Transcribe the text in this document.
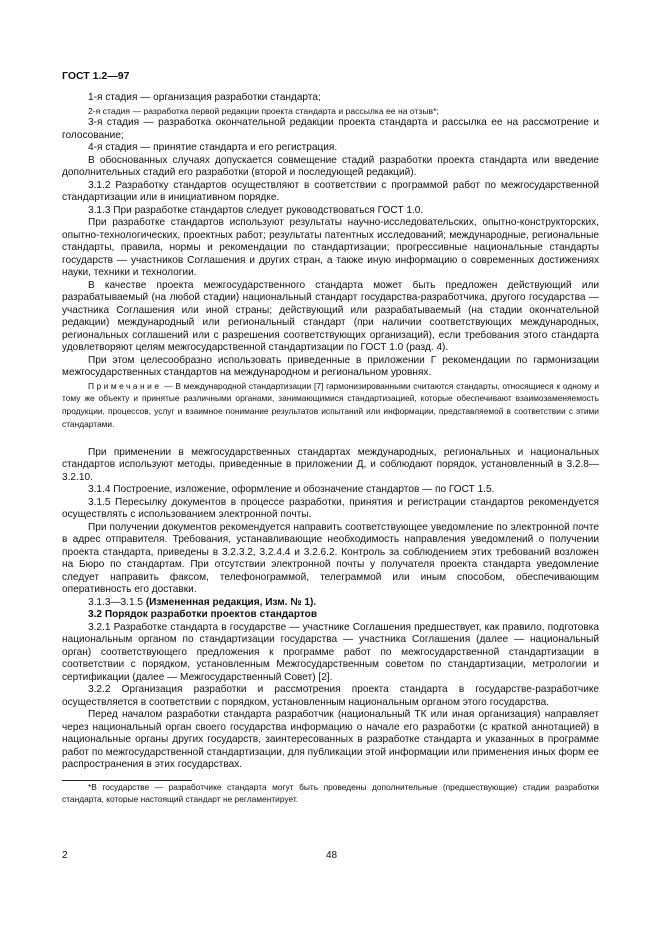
ГОСТ 1.2—97

1-я стадия — организация разработки стандарта;

2-я стадия — разработка первой редакции проекта стандарта и рассылка ее на отзыв*;

3-я стадия — разработка окончательной редакции проекта стандарта и рассылка ее на рассмотрение и голосование;

4-я стадия — принятие стандарта и его регистрация.

В обоснованных случаях допускается совмещение стадий разработки проекта стандарта или введение дополнительных стадий его разработки (второй и последующей редакций).

3.1.2 Разработку стандартов осуществляют в соответствии с программой работ по межгосударственной стандартизации или в инициативном порядке.

3.1.3 При разработке стандартов следует руководствоваться ГОСТ 1.0.

При разработке стандартов используют результаты научно-исследовательских, опытно-конструкторских, опытно-технологических, проектных работ; результаты патентных исследований; международные, региональные стандарты, правила, нормы и рекомендации по стандартизации; прогрессивные национальные стандарты государств — участников Соглашения и других стран, а также иную информацию о современных достижениях науки, техники и технологии.

В качестве проекта межгосударственного стандарта может быть предложен действующий или разрабатываемый (на любой стадии) национальный стандарт государства-разработчика, другого государства — участника Соглашения или иной страны; действующий или разрабатываемый (на стадии окончательной редакции) международный или региональный стандарт (при наличии соответствующих международных, региональных соглашений или с разрешения соответствующих организаций), если требования этого стандарта удовлетворяют целям межгосударственной стандартизации по ГОСТ 1.0 (разд. 4).

При этом целесообразно использовать приведенные в приложении Г рекомендации по гармонизации межгосударственных стандартов на международном и региональном уровнях.

Примечание — В международной стандартизации [7] гармонизированными считаются стандарты, относящиеся к одному и тому же объекту и принятые различными органами, занимающимися стандартизацией, которые обеспечивают взаимозаменяемость продукции, процессов, услуг и взаимное понимание результатов испытаний или информации, представляемой в соответствии с этими стандартами.

При применении в межгосударственных стандартах международных, региональных и национальных стандартов используют методы, приведенные в приложении Д, и соблюдают порядок, установленный в 3.2.8—3.2.10.

3.1.4 Построение, изложение, оформление и обозначение стандартов — по ГОСТ 1.5.

3.1.5 Пересылку документов в процессе разработки, принятия и регистрации стандартов рекомендуется осуществлять с использованием электронной почты.

При получении документов рекомендуется направить соответствующее уведомление по электронной почте в адрес отправителя. Требования, устанавливающие необходимость направления уведомлений о получении проекта стандарта, приведены в 3.2.3.2, 3.2.4.4 и 3.2.6.2. Контроль за соблюдением этих требований возложен на Бюро по стандартам. При отсутствии электронной почты у получателя проекта стандарта уведомление следует направить факсом, телефонограммой, телеграммой или иным способом, обеспечивающим оперативность его доставки.

3.1.3—3.1.5 (Измененная редакция, Изм. № 1).

3.2 Порядок разработки проектов стандартов

3.2.1 Разработке стандарта в государстве — участнике Соглашения предшествует, как правило, подготовка национальным органом по стандартизации государства — участника Соглашения (далее — национальный орган) соответствующего предложения к программе работ по межгосударственной стандартизации в соответствии с порядком, установленным Межгосударственным советом по стандартизации, метрологии и сертификации (далее — Межгосударственный Совет) [2].

3.2.2 Организация разработки и рассмотрения проекта стандарта в государстве-разработчике осуществляется в соответствии с порядком, установленным национальным органом этого государства.

Перед началом разработки стандарта разработчик (национальный ТК или иная организация) направляет через национальный орган своего государства информацию о начале его разработки (с краткой аннотацией) в национальные органы других государств, заинтересованных в разработке стандарта и указанных в программе работ по межгосударственной стандартизации, для публикации этой информации или применения иных форм ее распространения в этих государствах.

*В государстве — разработчике стандарта могут быть проведены дополнительные (предшествующие) стадии разработки стандарта, которые настоящий стандарт не регламентирует.

2	48
